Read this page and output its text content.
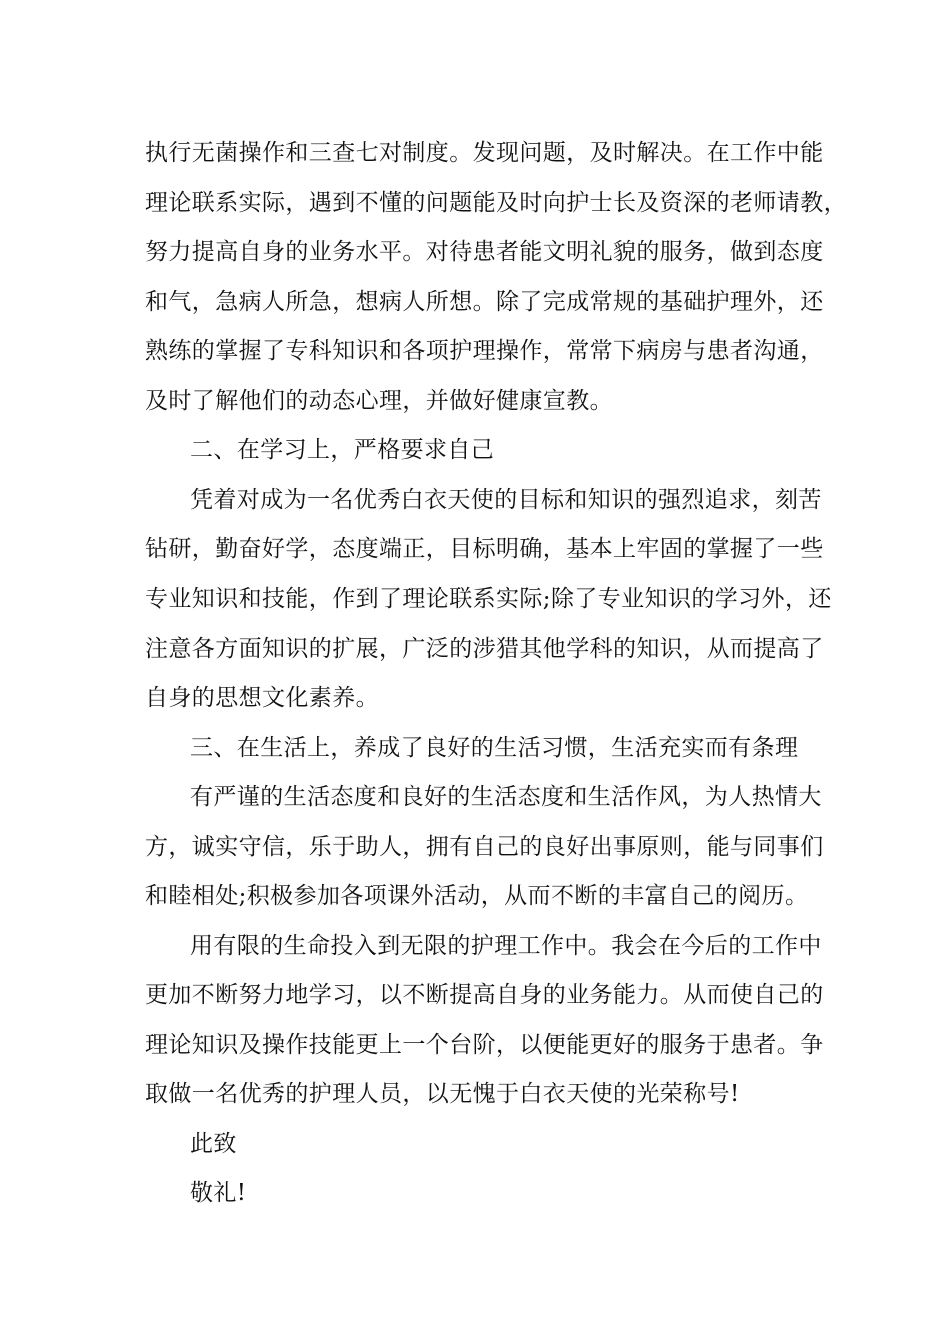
执行无菌操作和三查七对制度。发现问题，及时解决。在工作中能
理论联系实际，遇到不懂的问题能及时向护士长及资深的老师请教，
努力提高自身的业务水平。对待患者能文明礼貌的服务，做到态度
和气，急病人所急，想病人所想。除了完成常规的基础护理外，还
熟练的掌握了专科知识和各项护理操作，常常下病房与患者沟通，
及时了解他们的动态心理，并做好健康宣教。
二、在学习上，严格要求自己
凭着对成为一名优秀白衣天使的目标和知识的强烈追求，刻苦
钻研，勤奋好学，态度端正，目标明确，基本上牢固的掌握了一些
专业知识和技能，作到了理论联系实际;除了专业知识的学习外，还
注意各方面知识的扩展，广泛的涉猎其他学科的知识，从而提高了
自身的思想文化素养。
三、在生活上，养成了良好的生活习惯，生活充实而有条理
有严谨的生活态度和良好的生活态度和生活作风，为人热情大
方，诚实守信，乐于助人，拥有自己的良好出事原则，能与同事们
和睦相处;积极参加各项课外活动，从而不断的丰富自己的阅历。
用有限的生命投入到无限的护理工作中。我会在今后的工作中
更加不断努力地学习，以不断提高自身的业务能力。从而使自己的
理论知识及操作技能更上一个台阶，以便能更好的服务于患者。争
取做一名优秀的护理人员，以无愧于白衣天使的光荣称号!
此致
敬礼!
